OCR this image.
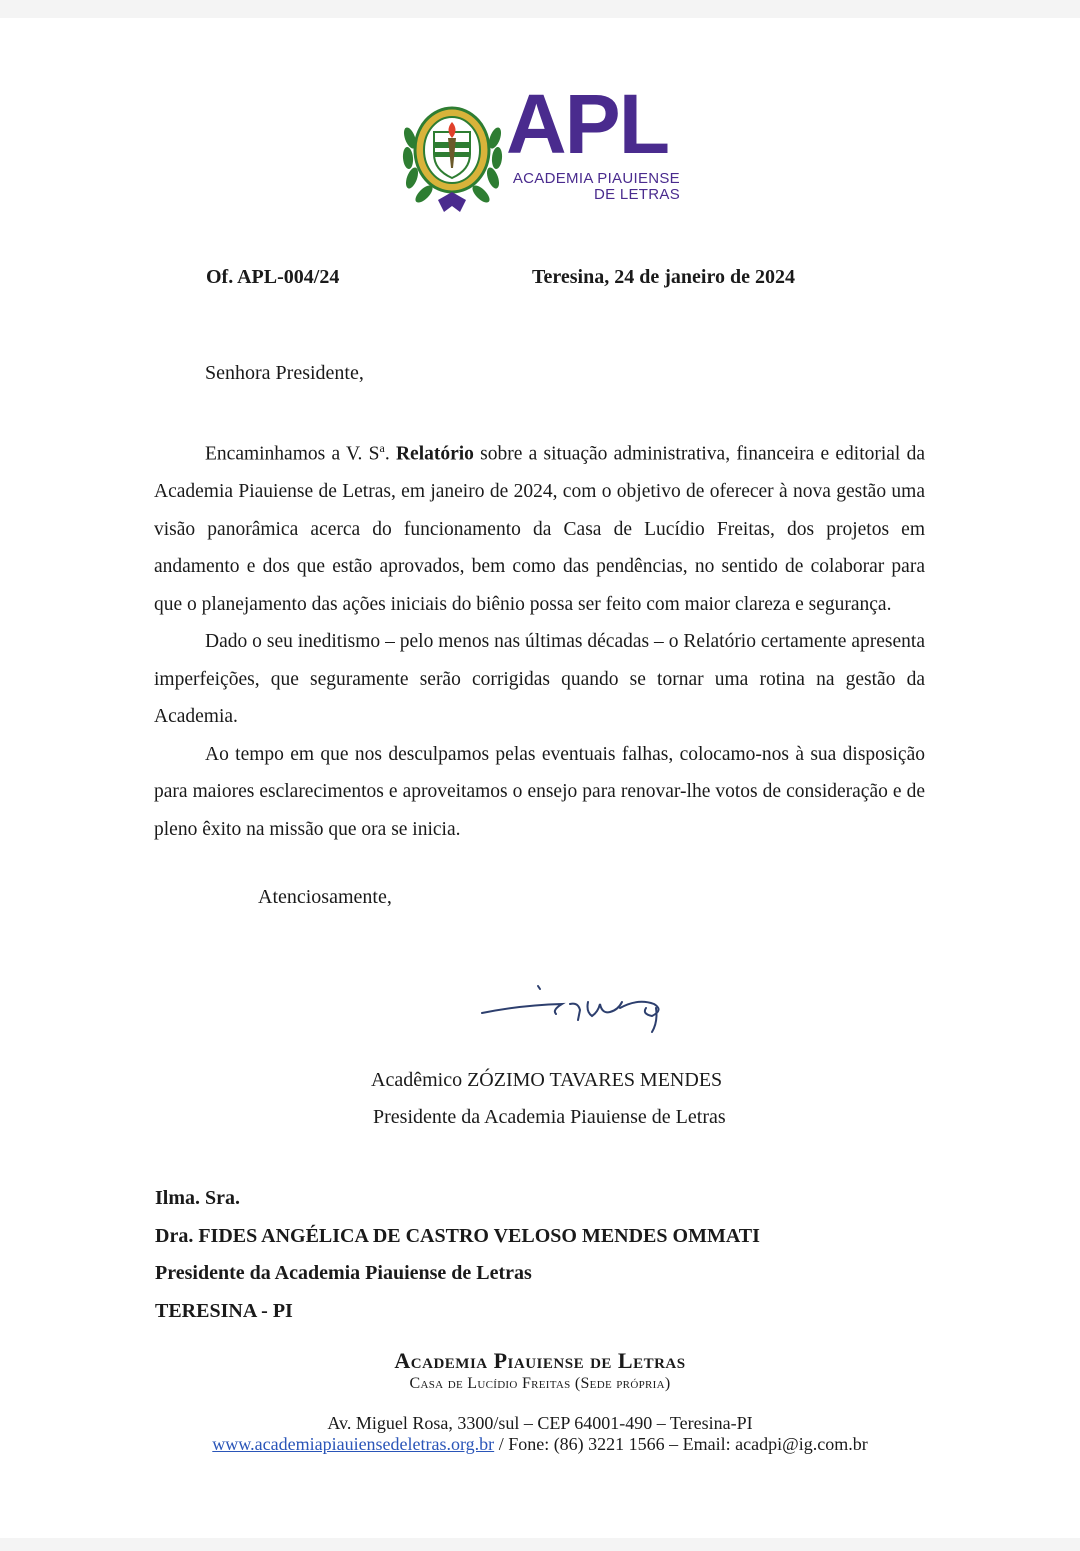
APL
ACADEMIA PIAUIENSE
DE LETRAS
Of. APL-004/24	Teresina, 24 de janeiro de 2024
Senhora Presidente,

Encaminhamos a V. $S^a$. Relatório sobre a situação administrativa, financeira e editorial da Academia Piauiense de Letras, em janeiro de 2024, com o objetivo de oferecer à nova gestão uma visão panorâmica acerca do funcionamento da Casa de Lucídio Freitas, dos projetos em andamento e dos que estão aprovados, bem como das pendências, no sentido de colaborar para que o planejamento das ações iniciais do biênio possa ser feito com maior clareza e segurança.

Dado o seu ineditismo – pelo menos nas últimas décadas – o Relatório certamente apresenta imperfeições, que seguramente serão corrigidas quando se tornar uma rotina na gestão da Academia.

Ao tempo em que nos desculpamos pelas eventuais falhas, colocamo-nos à sua disposição para maiores esclarecimentos e aproveitamos o ensejo para renovar-lhe votos de consideração e de pleno êxito na missão que ora se inicia.

Atenciosamente,
Acadêmico ZÓZIMO TAVARES MENDES
Presidente da Academia Piauiense de Letras
Ilma. Sra.
Dra. FIDES ANGÉLICA DE CASTRO VELOSO MENDES OMMATI
Presidente da Academia Piauiense de Letras
TERESINA - PI
Academia Piauiense de Letras
Casa de Lucídio Freitas (Sede própria)
Av. Miguel Rosa, 3300/sul – CEP 64001-490 – Teresina-PI
www.academiapiauiensedeletras.org.br / Fone: (86) 3221 1566 – Email: acadpi@ig.com.br
